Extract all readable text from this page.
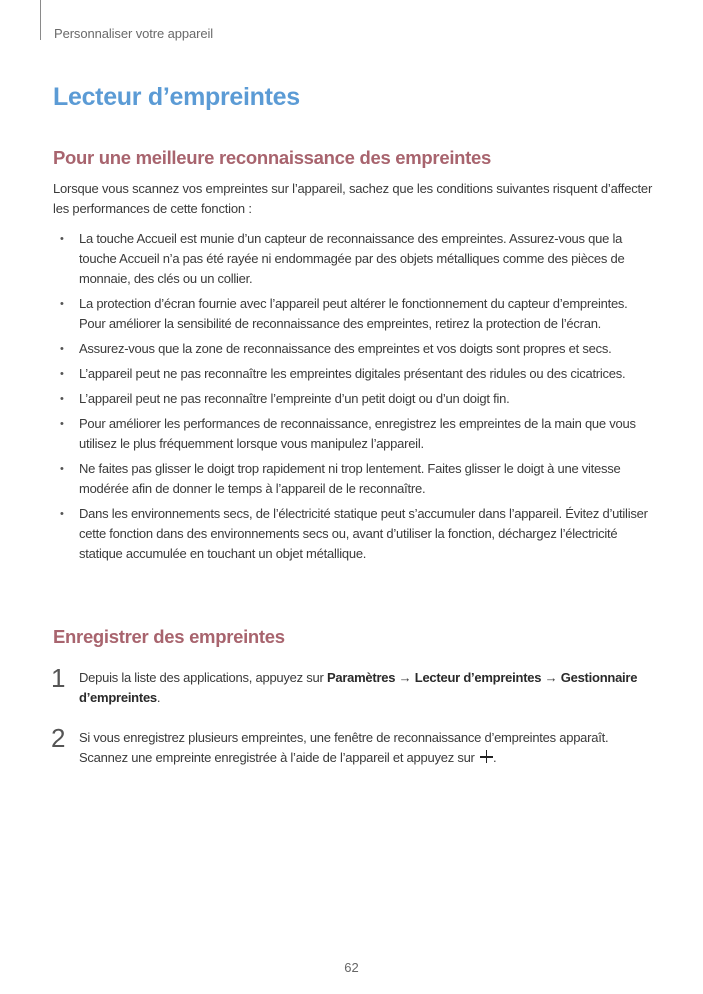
Personnaliser votre appareil
Lecteur d’empreintes
Pour une meilleure reconnaissance des empreintes

Lorsque vous scannez vos empreintes sur l’appareil, sachez que les conditions suivantes risquent d’affecter les performances de cette fonction :

• La touche Accueil est munie d’un capteur de reconnaissance des empreintes. Assurez-vous que la touche Accueil n’a pas été rayée ni endommagée par des objets métalliques comme des pièces de monnaie, des clés ou un collier.
• La protection d’écran fournie avec l’appareil peut altérer le fonctionnement du capteur d’empreintes. Pour améliorer la sensibilité de reconnaissance des empreintes, retirez la protection de l’écran.
• Assurez-vous que la zone de reconnaissance des empreintes et vos doigts sont propres et secs.
• L’appareil peut ne pas reconnaître les empreintes digitales présentant des ridules ou des cicatrices.
• L’appareil peut ne pas reconnaître l’empreinte d’un petit doigt ou d’un doigt fin.
• Pour améliorer les performances de reconnaissance, enregistrez les empreintes de la main que vous utilisez le plus fréquemment lorsque vous manipulez l’appareil.
• Ne faites pas glisser le doigt trop rapidement ni trop lentement. Faites glisser le doigt à une vitesse modérée afin de donner le temps à l’appareil de le reconnaître.
• Dans les environnements secs, de l’électricité statique peut s’accumuler dans l’appareil. Évitez d’utiliser cette fonction dans des environnements secs ou, avant d’utiliser la fonction, déchargez l’électricité statique accumulée en touchant un objet métallique.
Enregistrer des empreintes
1 Depuis la liste des applications, appuyez sur Paramètres → Lecteur d’empreintes → Gestionnaire d’empreintes.
2 Si vous enregistrez plusieurs empreintes, une fenêtre de reconnaissance d’empreintes apparaît. Scannez une empreinte enregistrée à l’aide de l’appareil et appuyez sur .
62
